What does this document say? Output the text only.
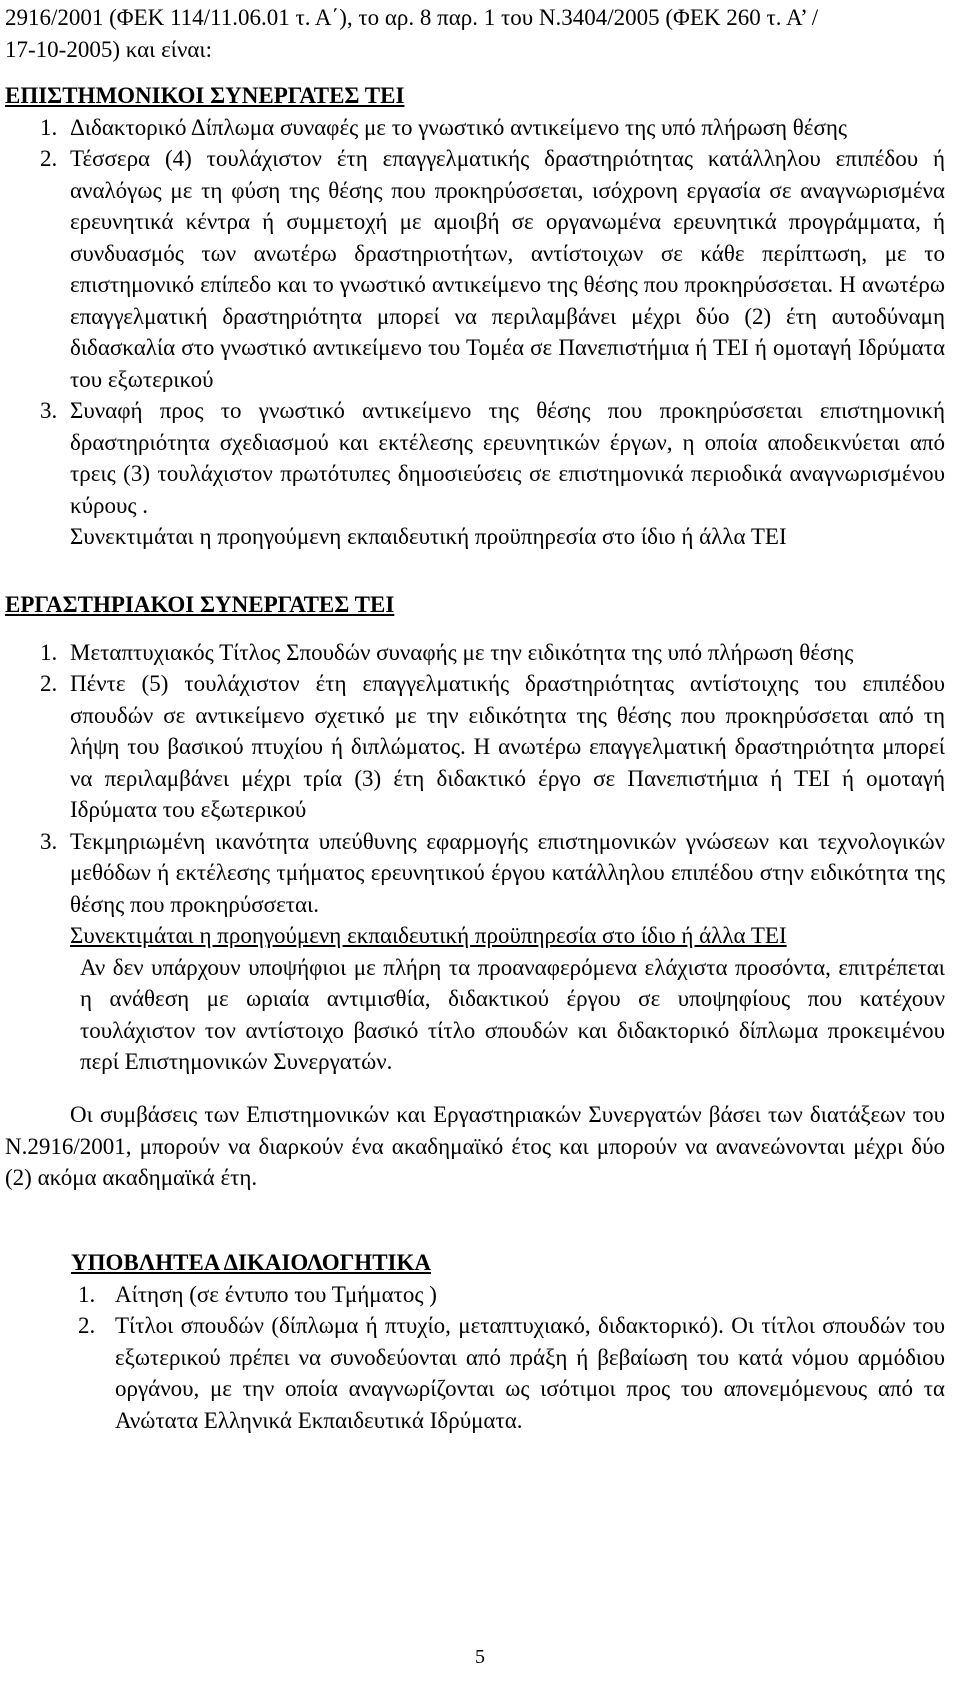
2916/2001 (ΦΕΚ 114/11.06.01 τ. Α΄), το αρ. 8 παρ. 1 του Ν.3404/2005 (ΦΕΚ 260 τ. Α’ /
17-10-2005) και είναι:
ΕΠΙΣΤΗΜΟΝΙΚΟΙ ΣΥΝΕΡΓΑΤΕΣ ΤΕΙ
1. Διδακτορικό Δίπλωμα συναφές με το γνωστικό αντικείμενο της υπό πλήρωση θέσης
2. Τέσσερα (4) τουλάχιστον έτη επαγγελματικής δραστηριότητας κατάλληλου επιπέδου ή αναλόγως με τη φύση της θέσης που προκηρύσσεται, ισόχρονη εργασία σε αναγνωρισμένα ερευνητικά κέντρα ή συμμετοχή με αμοιβή σε οργανωμένα ερευνητικά προγράμματα, ή συνδυασμός των ανωτέρω δραστηριοτήτων, αντίστοιχων σε κάθε περίπτωση, με το επιστημονικό επίπεδο και το γνωστικό αντικείμενο της θέσης που προκηρύσσεται. Η ανωτέρω επαγγελματική δραστηριότητα μπορεί να περιλαμβάνει μέχρι δύο (2) έτη αυτοδύναμη διδασκαλία στο γνωστικό αντικείμενο του Τομέα σε Πανεπιστήμια ή ΤΕΙ ή ομοταγή Ιδρύματα του εξωτερικού
3. Συναφή προς το γνωστικό αντικείμενο της θέσης που προκηρύσσεται επιστημονική δραστηριότητα σχεδιασμού και εκτέλεσης ερευνητικών έργων, η οποία αποδεικνύεται από τρεις (3) τουλάχιστον πρωτότυπες δημοσιεύσεις σε επιστημονικά περιοδικά αναγνωρισμένου κύρους .
Συνεκτιμάται η προηγούμενη εκπαιδευτική προϋπηρεσία στο ίδιο ή άλλα ΤΕΙ
ΕΡΓΑΣΤΗΡΙΑΚΟΙ ΣΥΝΕΡΓΑΤΕΣ ΤΕΙ
1. Μεταπτυχιακός Τίτλος Σπουδών συναφής με την ειδικότητα της υπό πλήρωση θέσης
2. Πέντε (5) τουλάχιστον έτη επαγγελματικής δραστηριότητας αντίστοιχης του επιπέδου σπουδών σε αντικείμενο σχετικό με την ειδικότητα της θέσης που προκηρύσσεται από τη λήψη του βασικού πτυχίου ή διπλώματος. Η ανωτέρω επαγγελματική δραστηριότητα μπορεί να περιλαμβάνει μέχρι τρία (3) έτη διδακτικό έργο σε Πανεπιστήμια ή ΤΕΙ ή ομοταγή Ιδρύματα του εξωτερικού
3. Τεκμηριωμένη ικανότητα υπεύθυνης εφαρμογής επιστημονικών γνώσεων και τεχνολογικών μεθόδων ή εκτέλεσης τμήματος ερευνητικού έργου κατάλληλου επιπέδου στην ειδικότητα της θέσης που προκηρύσσεται.
Συνεκτιμάται η προηγούμενη εκπαιδευτική προϋπηρεσία στο ίδιο ή άλλα ΤΕΙ
Αν δεν υπάρχουν υποψήφιοι με πλήρη τα προαναφερόμενα ελάχιστα προσόντα, επιτρέπεται η ανάθεση με ωριαία αντιμισθία, διδακτικού έργου σε υποψηφίους που κατέχουν τουλάχιστον τον αντίστοιχο βασικό τίτλο σπουδών και διδακτορικό δίπλωμα προκειμένου περί Επιστημονικών Συνεργατών.
Οι συμβάσεις των Επιστημονικών και Εργαστηριακών Συνεργατών βάσει των διατάξεων του Ν.2916/2001, μπορούν να διαρκούν ένα ακαδημαϊκό έτος και μπορούν να ανανεώνονται μέχρι δύο (2) ακόμα ακαδημαϊκά έτη.
ΥΠΟΒΛΗΤΕΑ ΔΙΚΑΙΟΛΟΓΗΤΙΚΑ
1. Αίτηση (σε έντυπο του Τμήματος )
2. Τίτλοι σπουδών (δίπλωμα ή πτυχίο, μεταπτυχιακό, διδακτορικό). Οι τίτλοι σπουδών του εξωτερικού πρέπει να συνοδεύονται από πράξη ή βεβαίωση του κατά νόμου αρμόδιου οργάνου, με την οποία αναγνωρίζονται ως ισότιμοι προς του απονεμόμενους από τα Ανώτατα Ελληνικά Εκπαιδευτικά Ιδρύματα.
5
